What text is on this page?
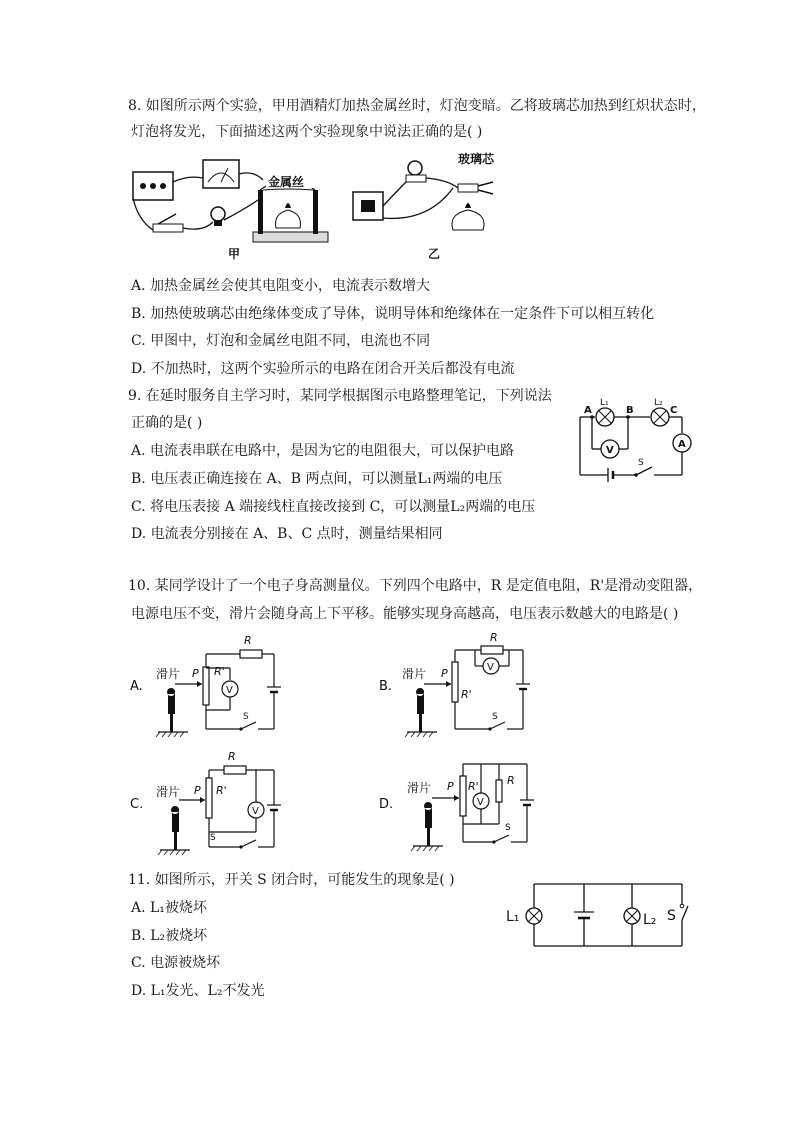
8. 如图所示两个实验，甲用酒精灯加热金属丝时，灯泡变暗。乙将玻璃芯加热到红炽状态时，
灯泡将发光，下面描述这两个实验现象中说法正确的是( )
金属丝
甲
玻璃芯
乙
A. 加热金属丝会使其电阻变小，电流表示数增大
B. 加热使玻璃芯由绝缘体变成了导体，说明导体和绝缘体在一定条件下可以相互转化
C. 甲图中，灯泡和金属丝电阻不同，电流也不同
D. 不加热时，这两个实验所示的电路在闭合开关后都没有电流
9. 在延时服务自主学习时，某同学根据图示电路整理笔记，下列说法
正确的是( )
A	B	C
L₁	L₂
V
A
S
A. 电流表串联在电路中，是因为它的电阻很大，可以保护电路
B. 电压表正确连接在 A、B 两点间，可以测量L₁两端的电压
C. 将电压表接 A 端接线柱直接改接到 C，可以测量L₂两端的电压
D. 电流表分别接在 A、B、C 点时，测量结果相同
10. 某同学设计了一个电子身高测量仪。下列四个电路中，R 是定值电阻，R'是滑动变阻器，
电源电压不变，滑片会随身高上下平移。能够实现身高越高，电压表示数越大的电路是( )
A.
滑片 P R'
R
S
V	B.
滑片 P
R'
R
V
S
C.
滑片 P R'
R
V
S
D.
滑片 P R'
V
R
S
11. 如图所示，开关 S 闭合时，可能发生的现象是( )
L₁	L₂ S
A. L₁被烧坏
B. L₂被烧坏
C. 电源被烧坏
D. L₁发光、L₂不发光
